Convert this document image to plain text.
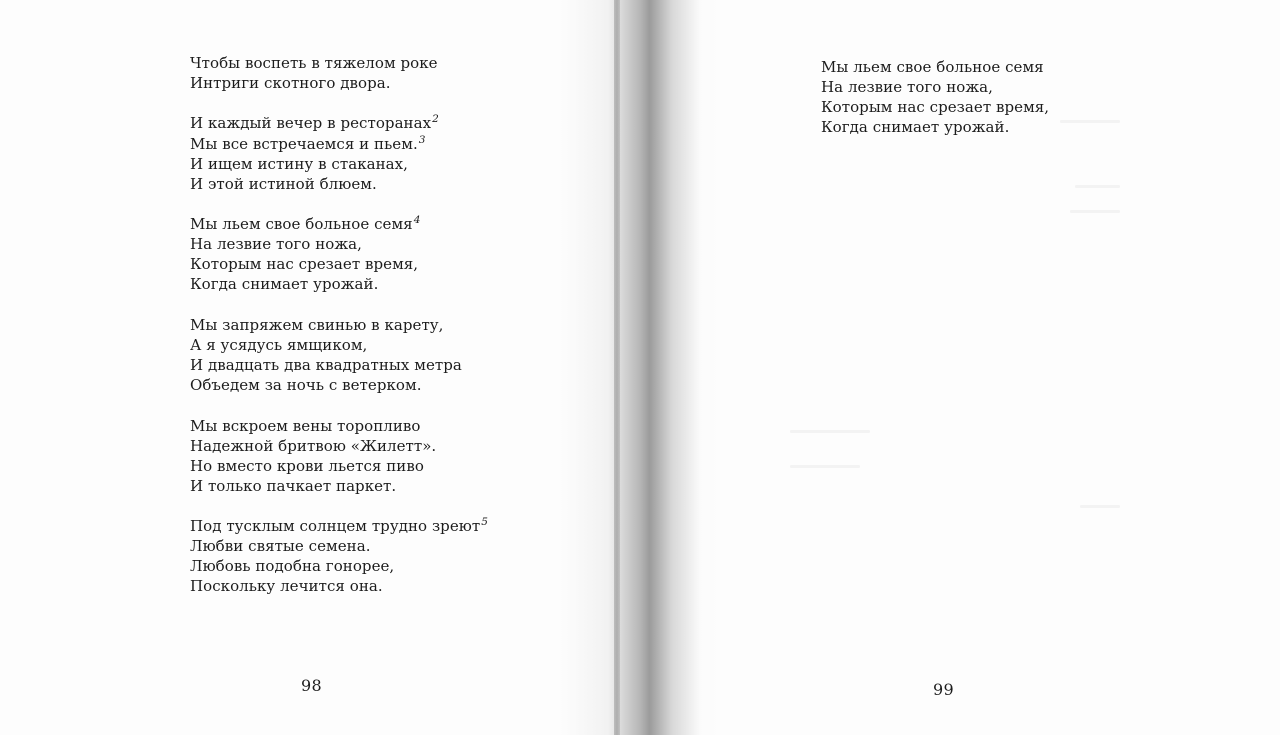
Чтобы воспеть в тяжелом роке
Интриги скотного двора.
И каждый вечер в ресторанах$^2$
Мы все встречаемся и пьем.$^3$
И ищем истину в стаканах,
И этой истиной блюем.
Мы льем свое больное семя$^4$
На лезвие того ножа,
Которым нас срезает время,
Когда снимает урожай.
Мы запряжем свинью в карету,
А я усядусь ямщиком,
И двадцать два квадратных метра
Объедем за ночь с ветерком.
Мы вскроем вены торопливо
Надежной бритвою «Жилетт».
Но вместо крови льется пиво
И только пачкает паркет.
Под тусклым солнцем трудно зреют$^5$
Любви святые семена.
Любовь подобна гонорее,
Поскольку лечится она.
98
Мы льем свое больное семя
На лезвие того ножа,
Которым нас срезает время,
Когда снимает урожай.
99
